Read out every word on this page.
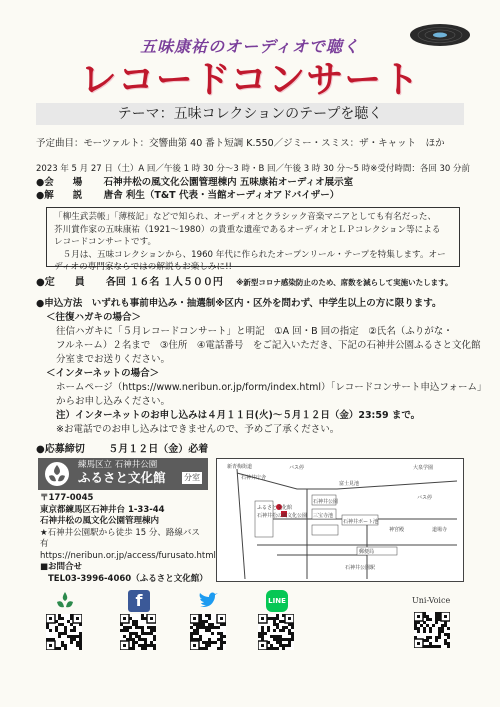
五味康祐のオーディオで聴く
レコードコンサート
テーマ：五味コレクションのテープを聴く
予定曲目：モーツァルト：交響曲第 40 番ト短調 K.550／ジミー・スミス：ザ・キャット　ほか
2023 年 5 月 27 日（土）A 回／午後 1 時 30 分～3 時・B 回／午後 3 時 30 分～5 時※受付時間：各回 30 分前
●会　　場 石神井松の風文化公園管理棟内 五味康祐オーディオ展示室
●解　　説 唐舎 利生（T&T 代表・当館オーディオアドバイザー）
「柳生武芸帳」「薄桜記」などで知られ、オーディオとクラシック音楽マニアとしても有名だった、
芥川賞作家の五味康祐（1921～1980）の貴重な遺産であるオーディオとＬＰコレクション等による
レコードコンサートです。
　５月は、五味コレクションから、1960 年代に作られたオープンリール・テープを特集します。オー
ディオの専門家ならではの解説もお楽しみに!!
●定　　員 各回 １６名 １人５００円 ※新型コロナ感染防止のため、席数を減らして実施いたします。
●申込方法　いずれも事前申込み・抽選制※区内・区外を問わず、中学生以上の方に限ります。
＜往復ハガキの場合＞
往信ハガキに「５月レコードコンサート」と明記　①A 回・B 回の指定　②氏名（ふりがな・
フルネーム）２名まで　③住所　④電話番号　をご記入いただき、下記の石神井公園ふるさと文化館
分室までお送りください。
＜インターネットの場合＞
ホームページ（https://www.neribun.or.jp/form/index.html）「レコードコンサート申込フォーム」
からお申し込みください。
注）インターネットのお申し込みは４月１１日(火)～５月１２日（金）23:59 まで。
※お電話でのお申し込みはできませんので、予めご了承ください。
●応募締切 ５月１２日（金）必着
練馬区立 石神井公園
ふるさと文化館 分室
〒177-0045
東京都練馬区石神井台 1-33-44
石神井松の風文化公園管理棟内
★石神井公園駅から徒歩 15 分、路線バス有
https://neribun.or.jp/access/furusato.html
■お問合せ
TEL03-3996-4060（ふるさと文化館）
新青梅街道	バス停
石神井庁舎
富士見池
大泉学園
石神井公園
三宝寺池
石神井ボート池
神宮殿	道場寺
郵便局
石神井公園駅
ふるさと文化館
石神井松の風文化公園
バス停
f	LINE	Uni-Voice
